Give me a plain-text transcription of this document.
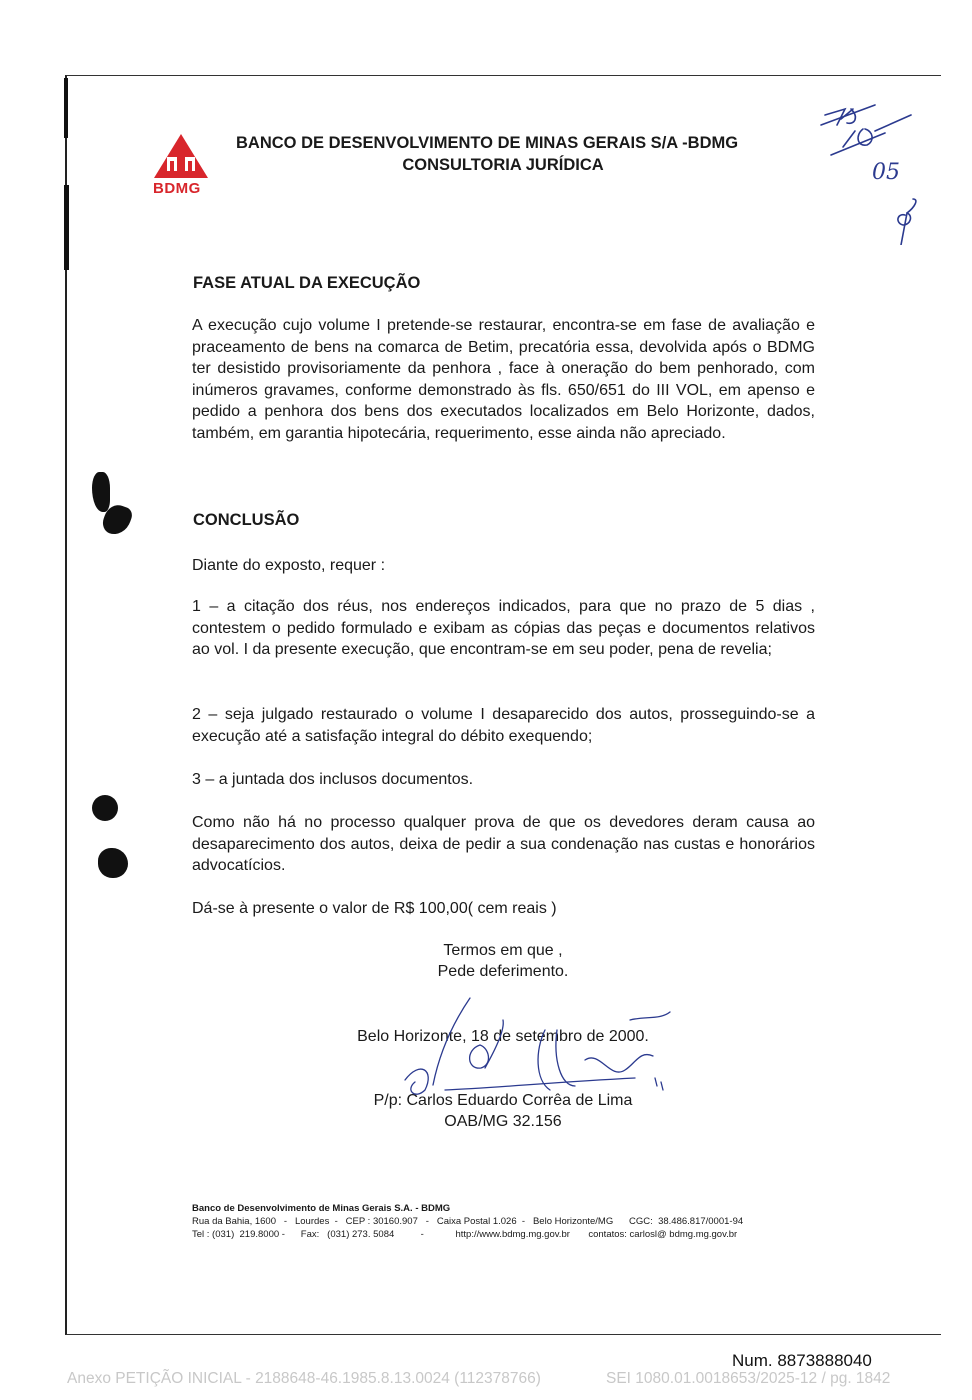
BDMG
BANCO DE DESENVOLVIMENTO DE MINAS GERAIS S/A -BDMG
CONSULTORIA JURÍDICA	05
FASE ATUAL DA EXECUÇÃO
A execução cujo volume I pretende-se restaurar, encontra-se em fase de avaliação e praceamento de bens na comarca de Betim, precatória essa, devolvida após o BDMG ter desistido provisoriamente da penhora , face à oneração do bem penhorado, com inúmeros gravames, conforme demonstrado às fls. 650/651 do III VOL, em apenso e pedido a penhora dos bens dos executados localizados em Belo Horizonte, dados, também, em garantia hipotecária, requerimento, esse ainda não apreciado.
CONCLUSÃO
Diante do exposto, requer :
1 – a citação dos réus, nos endereços indicados, para que no prazo de 5 dias , contestem o pedido formulado e exibam as cópias das peças e documentos relativos ao vol. I da presente execução, que encontram-se em seu poder, pena de revelia;
2 – seja julgado restaurado o volume I desaparecido dos autos, prosseguindo-se a execução até a satisfação integral do débito exequendo;
3 – a juntada dos inclusos documentos.
Como não há no processo qualquer prova de que os devedores deram causa ao desaparecimento dos autos, deixa de pedir a sua condenação nas custas e honorários advocatícios.
Dá-se à presente o valor de R$ 100,00( cem reais )
Termos em que ,
Pede deferimento.
Belo Horizonte, 18 de setembro de 2000.
P/p: Carlos Eduardo Corrêa de Lima
OAB/MG 32.156
Banco de Desenvolvimento de Minas Gerais S.A. - BDMG
Rua da Bahia, 1600   -   Lourdes  -   CEP : 30160.907   -   Caixa Postal 1.026  -   Belo Horizonte/MG      CGC:  38.486.817/0001-94
Tel : (031)  219.8000 -      Fax:   (031) 273. 5084          -            http://www.bdmg.mg.gov.br       contatos: carlosl@ bdmg.mg.gov.br
Num. 8873888040
Anexo PETIÇÃO INICIAL - 2188648-46.1985.8.13.0024 (112378766)	SEI 1080.01.0018653/2025-12 / pg. 1842
